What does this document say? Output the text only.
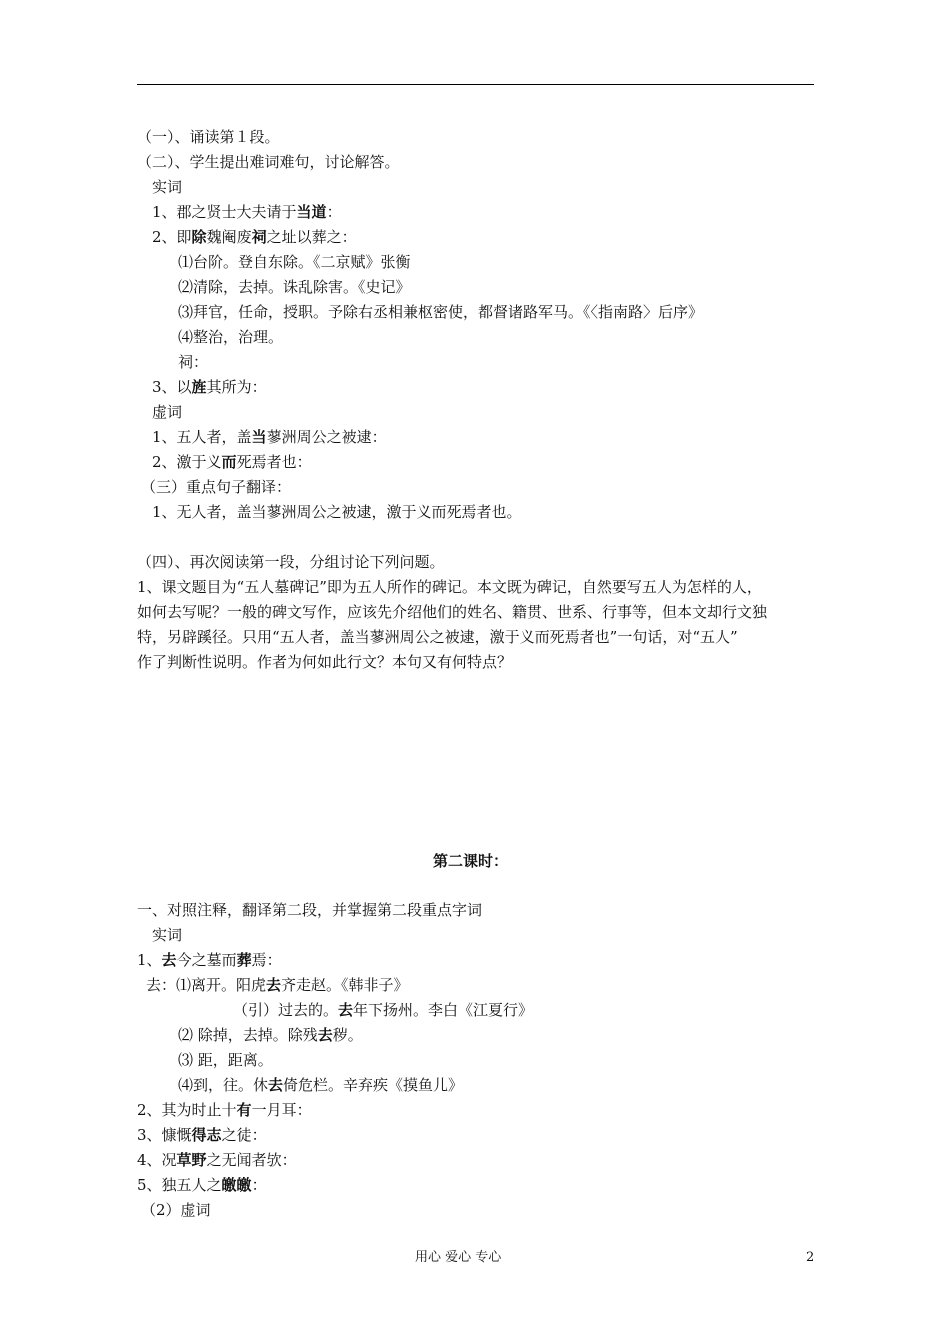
（一）、诵读第１段。
（二）、学生提出难词难句，讨论解答。
实词
1、郡之贤士大夫请于当道：
2、即除魏阉废祠之址以葬之：
⑴台阶。登自东除。《二京赋》张衡
⑵清除，去掉。诛乱除害。《史记》
⑶拜官，任命，授职。予除右丞相兼枢密使，都督诸路军马。《〈指南路〉后序》
⑷整治，治理。
祠：
3、以旌其所为：
虚词
1、五人者，盖当蓼洲周公之被逮：
2、激于义而死焉者也：
（三）重点句子翻译：
1、无人者，盖当蓼洲周公之被逮，激于义而死焉者也。
（四）、再次阅读第一段，分组讨论下列问题。
1、课文题目为“五人墓碑记”即为五人所作的碑记。本文既为碑记，自然要写五人为怎样的人，
如何去写呢？一般的碑文写作，应该先介绍他们的姓名、籍贯、世系、行事等，但本文却行文独
特，另辟蹊径。只用“五人者，盖当蓼洲周公之被逮，激于义而死焉者也”一句话，对“五人”
作了判断性说明。作者为何如此行文？本句又有何特点？
第二课时：
一、对照注释，翻译第二段，并掌握第二段重点字词
实词
1、去今之墓而葬焉：
去：⑴离开。阳虎去齐走赵。《韩非子》
（引）过去的。去年下扬州。李白《江夏行》
⑵ 除掉，去掉。除残去秽。
⑶ 距，距离。
⑷到，往。休去倚危栏。辛弃疾《摸鱼儿》
2、其为时止十有一月耳：
3、慷慨得志之徒：
4、况草野之无闻者欤：
5、独五人之皦皦：
（2）虚词
用心 爱心 专心	2
